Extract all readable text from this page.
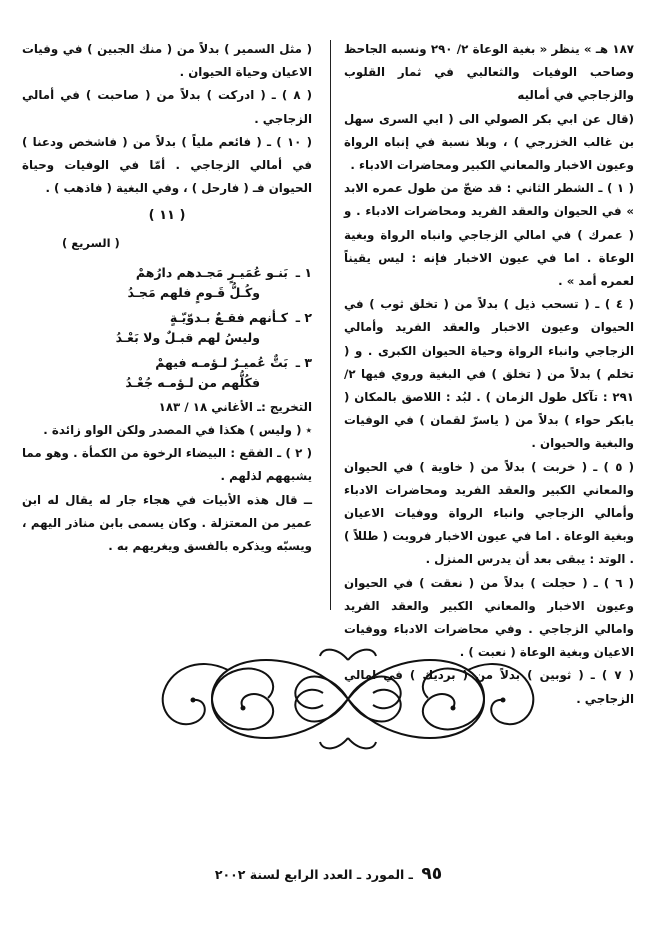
١٨٧ هـ » ينظر « بغية الوعاة ٢/ ٢٩٠ ونسبه الجاحظ وصاحب الوفيات والثعالبي في ثمار القلوب والزجاجي في أماليه

(قال عن ابي بكر الصولي الى ( ابي السرى سهل بن غالب الخزرجي ) ، وبلا نسبة في إنباه الرواة وعيون الاخبار والمعاني الكبير ومحاضرات الادباء .

( ١ ) ـ الشطر الثاني : قد ضجّ من طول عمره الابد » في الحيوان والعقد الفريد ومحاضرات الادباء . و ( عمرك ) في امالي الزجاجي وانباه الرواة وبغية الوعاة . اما في عيون الاخبار فإنه : ليس يقيناً لعمره أمد » .

( ٤ ) ـ ( تسحب ذيل ) بدلاً من ( تخلق ثوب ) في الحيوان وعيون الاخبار والعقد الفريد وأمالي الزجاجي وانباء الرواة وحياة الحيوان الكبرى . و ( تخلم ) بدلاً من ( تخلق ) في البغية وروي فيها ٢/ ٢٩١ : تآكل طول الزمان ) . لبُد : اللاصق بالمكان ( يابكر حواء ) بدلاً من ( ياسرّ لقمان ) في الوفيات والبغية والحيوان .

( ٥ ) ـ ( خربت ) بدلاً من ( خاوية ) في الحيوان والمعاني الكبير والعقد الفريد ومحاضرات الادباء وأمالي الزجاجي وانباء الرواة ووفيات الاعيان وبغية الوعاة . اما في عيون الاخبار فرويت ( طللاً ) . الوتد : يبقى بعد أن يدرس المنزل .

( ٦ ) ـ ( حجلت ) بدلاً من ( نعقت ) في الحيوان وعيون الاخبار والمعاني الكبير والعقد الفريد وامالي الزجاجي . وفي محاضرات الادباء ووفيات الاعيان وبغية الوعاة ( نعبت ) .

( ٧ ) ـ ( ثوبين ) بدلاً من ( برديك ) في امالي الزجاجي .

( مثل السمير ) بدلاً من ( منك الجبين ) في وفيات الاعيان وحياة الحيوان .

( ٨ ) ـ ( ادركت ) بدلاً من ( صاحبت ) في أمالي الزجاجي .

( ١٠ ) ـ ( فائعم ملياً ) بدلاً من ( فاشخص ودعنا ) في أمالي الزجاجي . أمّا في الوفيات وحياة الحيوان فـ ( فارحل ) ، وفي البغية ( فاذهب ) .

( ١١ )
( السريع )
١ ـ
بَنـو عُمَيـرٍ مَجـدهم دارُهمْ
وكُـلُّ قَـومٍ فلهم مَجـدُ
٢ ـ
كـأنهم فقـعٌ بـدوّيّـةٍ
وليسُ لهم قبـلٌ ولا بَعْـدُ
٣ ـ
بَتٌّ عُميـرٌ لـؤمـه فيهمْ
فكُلُّهم من لـؤمـه جُعْـدُ

التخريج :ـ الأغاني ١٨ / ١٨٣

٭ ( وليس ) هكذا في المصدر ولكن الواو زائدة .

( ٢ ) ـ الفقع : البيضاء الرخوة من الكمأة . وهو مما يشبههم لذلهم .

ــ قال هذه الأبيات في هجاء جار له يقال له ابن عمير من المعتزلة . وكان يسمى بابن مناذر اليهم ، ويسبّه ويذكره بالفسق ويغريهم به .

٩٥ ـ المورد ـ العدد الرابع لسنة ٢٠٠٢
